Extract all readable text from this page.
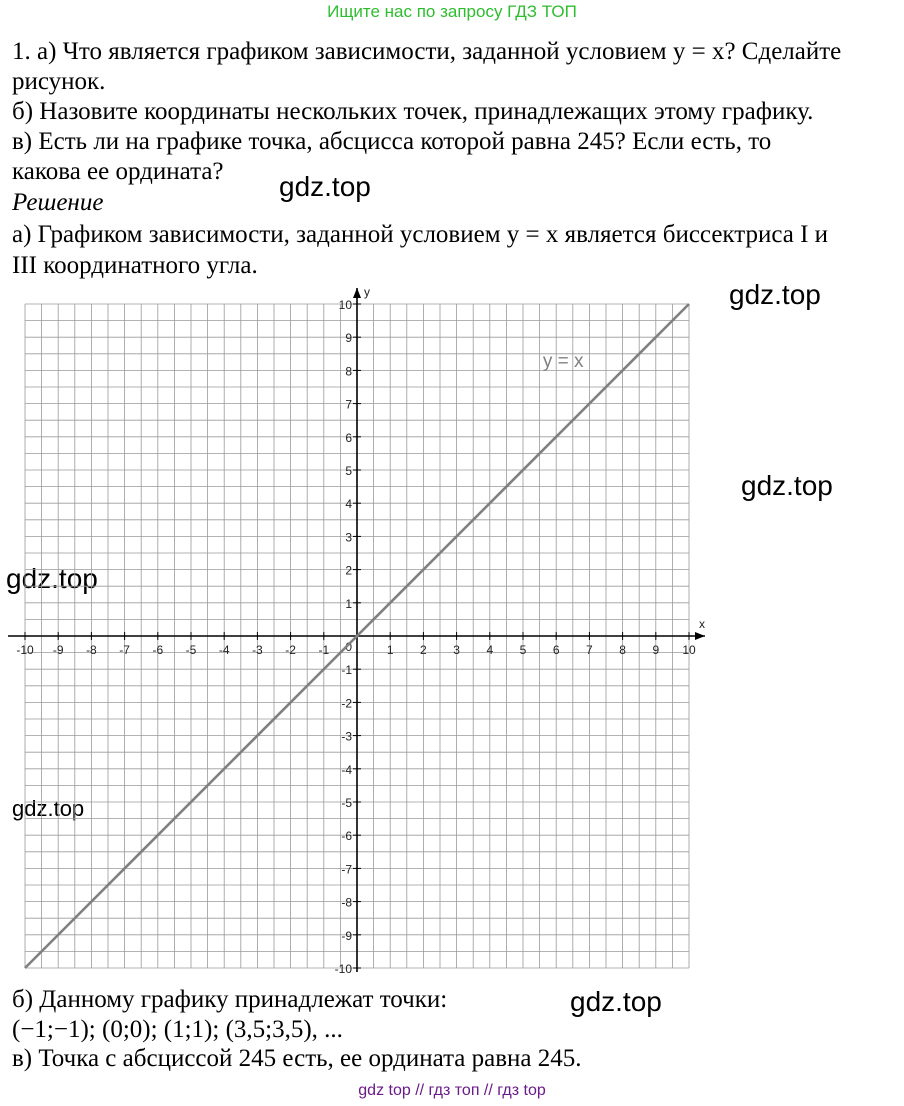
Ищите нас по запросу ГДЗ ТОП
1. а) Что является графиком зависимости, заданной условием y = x? Сделайте
рисунок.
б) Назовите координаты нескольких точек, принадлежащих этому графику.
в) Есть ли на графике точка, абсцисса которой равна 245? Если есть, то
какова ее ордината?
Решение
а) Графиком зависимости, заданной условием y = x является биссектриса I и
III координатного угла.
б) Данному графику принадлежат точки:
(−1;−1); (0;0); (1;1); (3,5;3,5), ...
в) Точка с абсциссой 245 есть, ее ордината равна 245.
gdz.top
gdz.top
gdz.top
gdz.top
gdz.top
gdz.top
x
y
-10 -9 -8 -7 -6 -5 -4 -3 -2 -1	1 2 3 4 5 6 7 8 9 10
-10
-9
-8
-7
-6
-5
-4
-3
-2
-1
1
2
3
4
5
6
7
8
9
10
0
y = x
gdz top // гдз топ // гдз top
